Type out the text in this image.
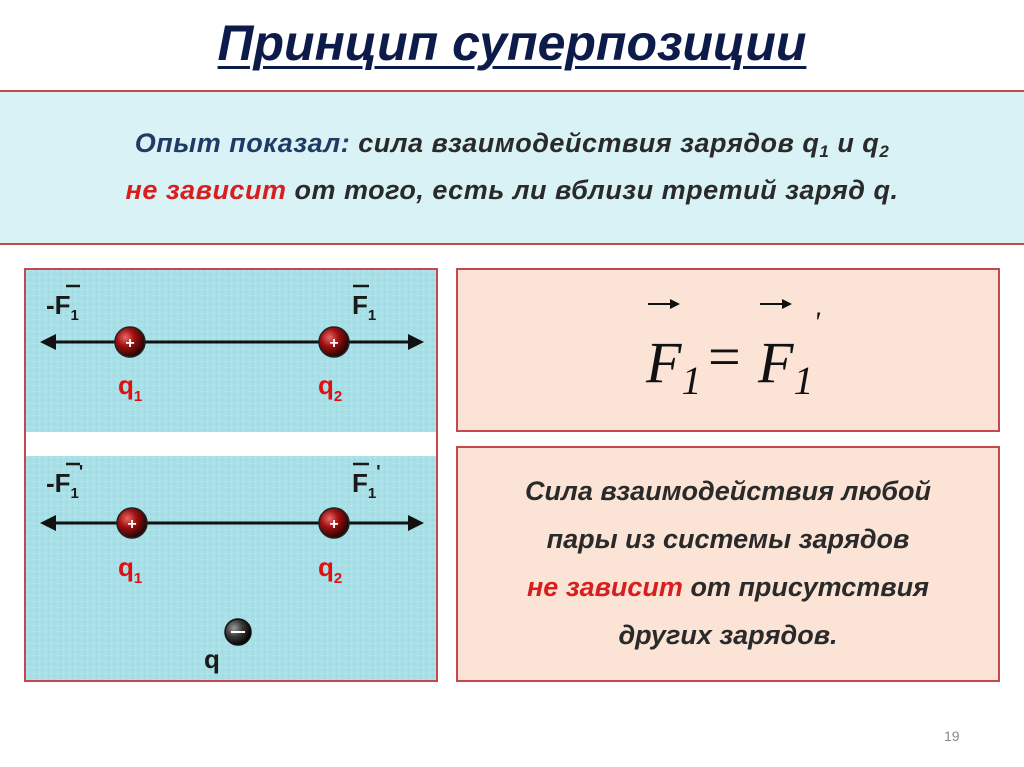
Принцип суперпозиции
Опыт показал: сила взаимодействия зарядов $q_1$ и $q_2$
не зависит от того, есть ли вблизи третий заряд q.
+	+
$-F_1$	$F_1$
$q_1$	$q_2$
+	+
$-F_1'$	$F_1'$
$q_1$	$q_2$
q
$F_1 = F_1'$
Сила взаимодействия любой
пары из системы зарядов
не зависит от присутствия
других зарядов.
19
